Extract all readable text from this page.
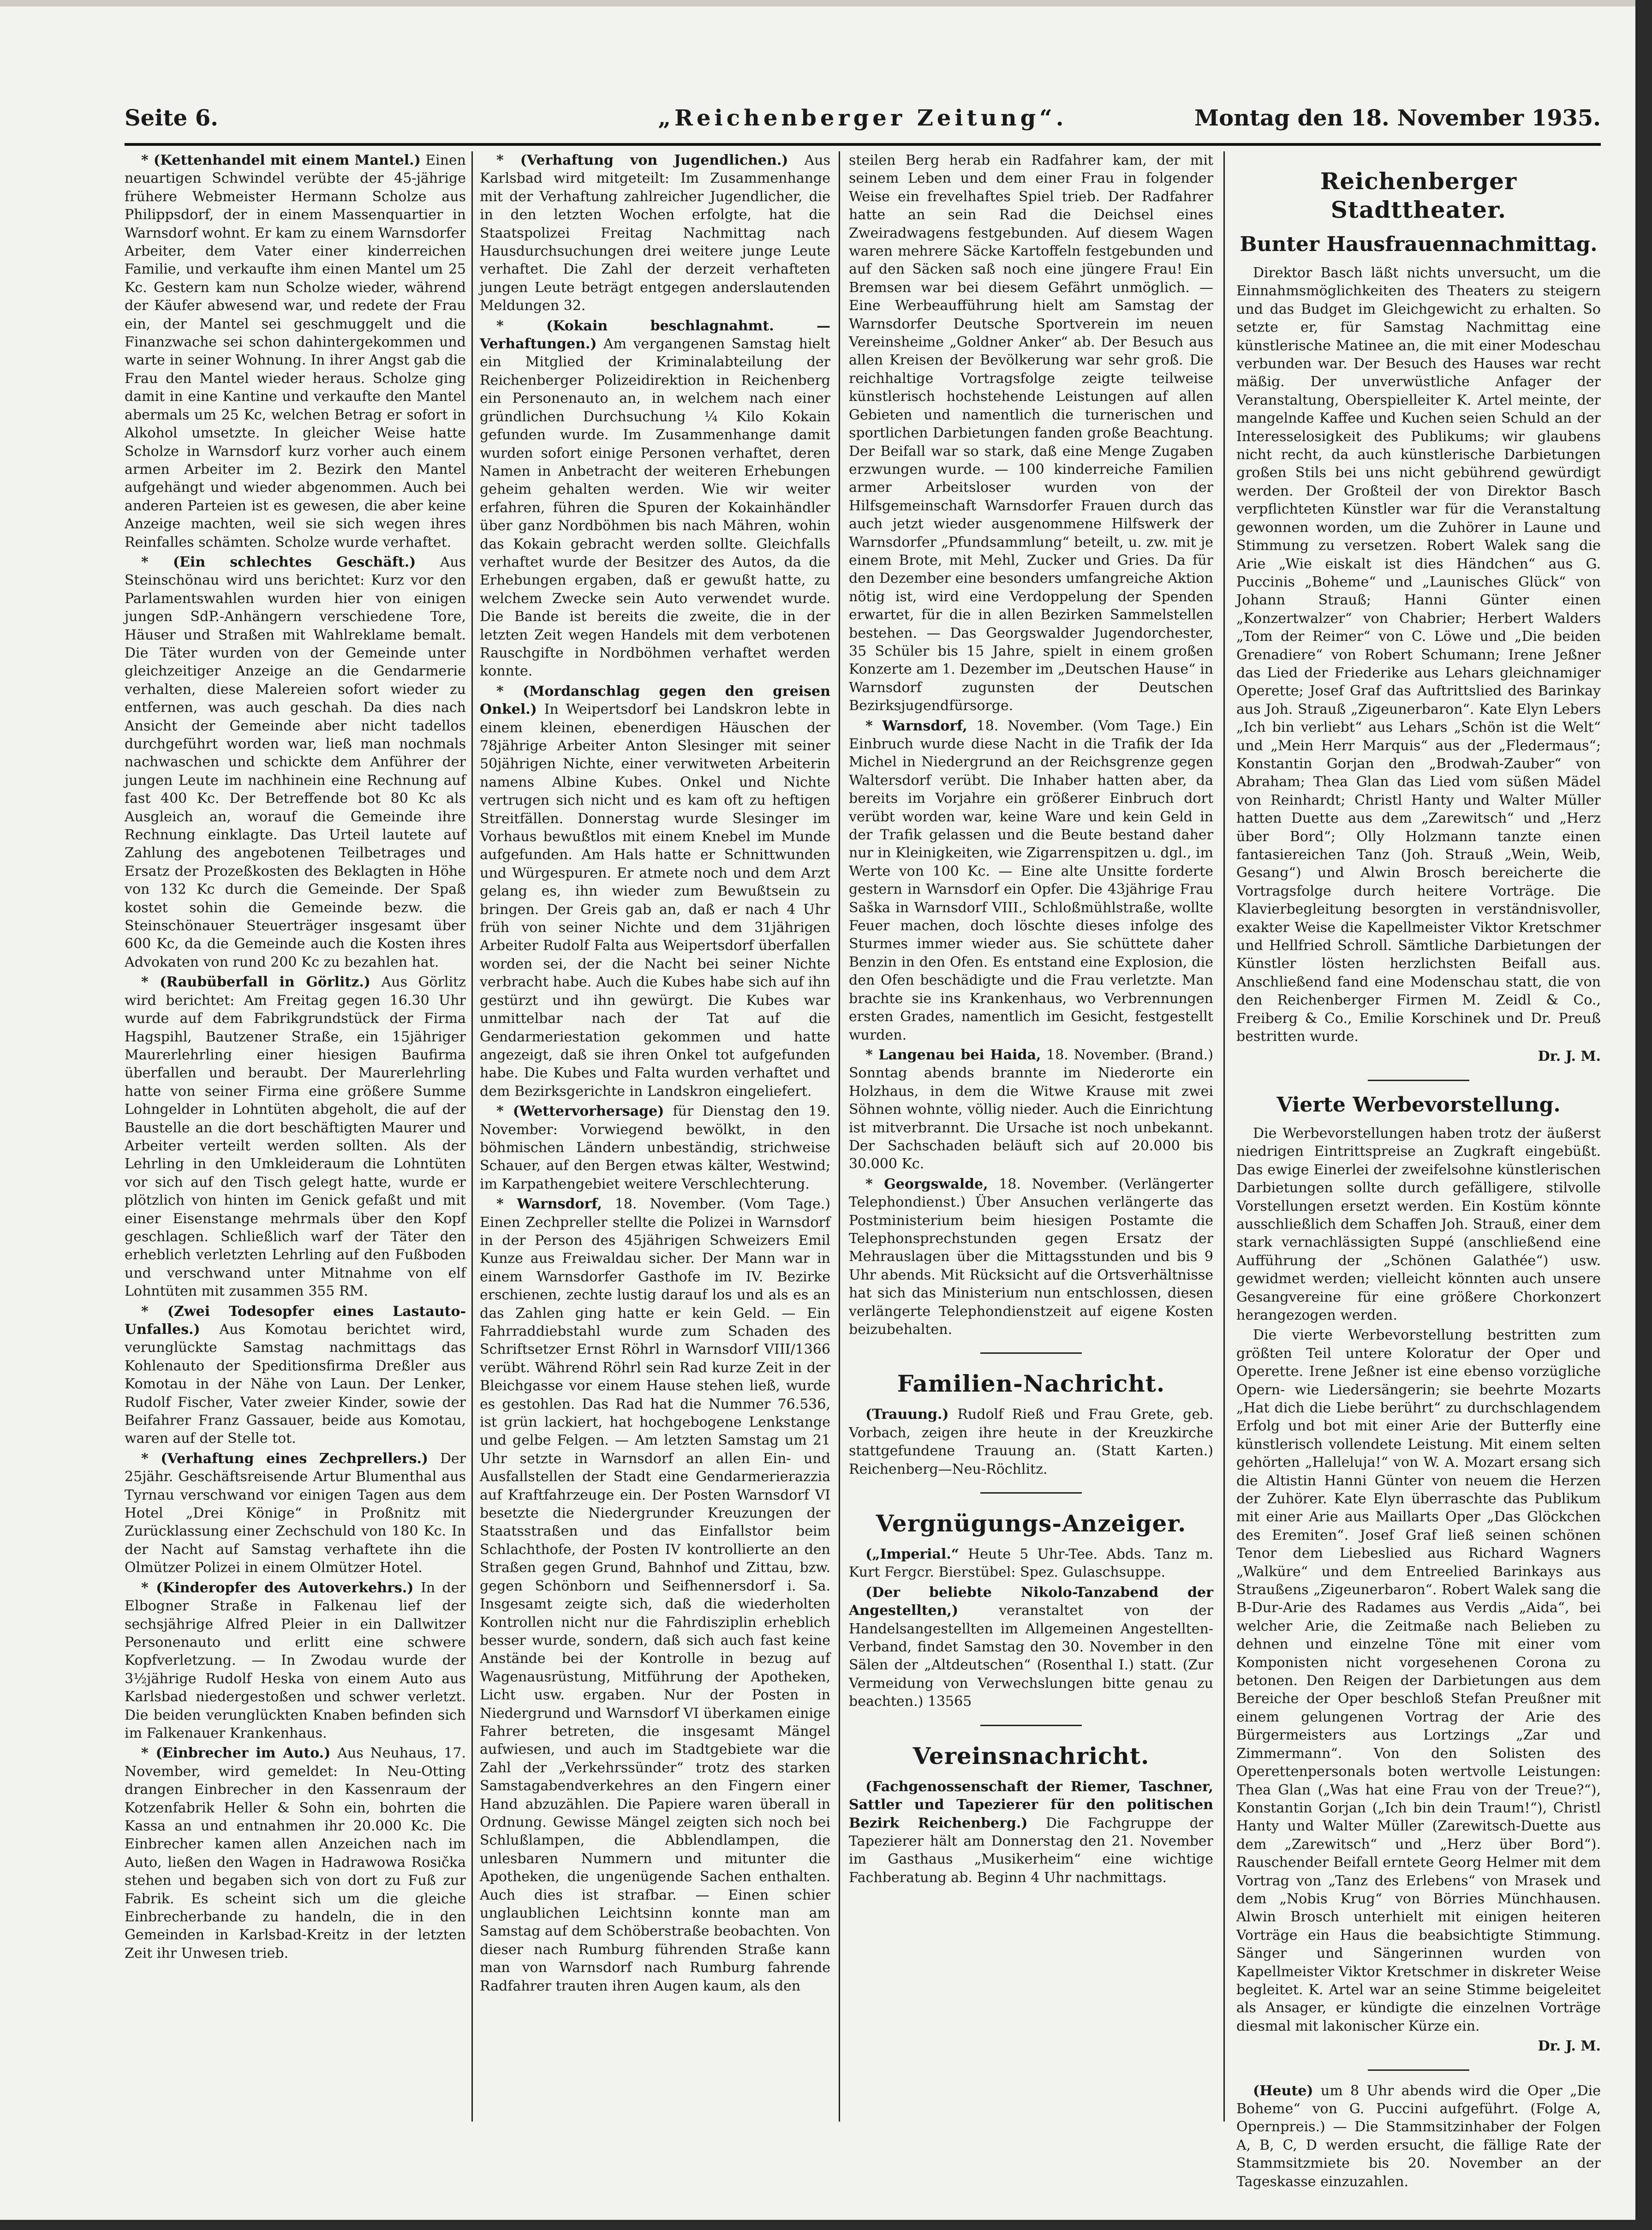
Seite 6.	„Reichenberger Zeitung“.	Montag den 18. November 1935.

* (Kettenhandel mit einem Mantel.) Einen neuartigen Schwindel verübte der 45-jährige frühere Webmeister Hermann Scholze aus Philippsdorf, der in einem Massenquartier in Warnsdorf wohnt. Er kam zu einem Warnsdorfer Arbeiter, dem Vater einer kinderreichen Familie, und verkaufte ihm einen Mantel um 25 Kc. Gestern kam nun Scholze wieder, während der Käufer abwesend war, und redete der Frau ein, der Mantel sei geschmuggelt und die Finanzwache sei schon dahintergekommen und warte in seiner Wohnung. In ihrer Angst gab die Frau den Mantel wieder heraus. Scholze ging damit in eine Kantine und verkaufte den Mantel abermals um 25 Kc, welchen Betrag er sofort in Alkohol umsetzte. In gleicher Weise hatte Scholze in Warnsdorf kurz vorher auch einem armen Arbeiter im 2. Bezirk den Mantel aufgehängt und wieder abgenommen. Auch bei anderen Parteien ist es gewesen, die aber keine Anzeige machten, weil sie sich wegen ihres Reinfalles schämten. Scholze wurde verhaftet.

* (Ein schlechtes Geschäft.) Aus Steinschönau wird uns berichtet: Kurz vor den Parlamentswahlen wurden hier von einigen jungen SdP.-Anhängern verschiedene Tore, Häuser und Straßen mit Wahlreklame bemalt. Die Täter wurden von der Gemeinde unter gleichzeitiger Anzeige an die Gendarmerie verhalten, diese Malereien sofort wieder zu entfernen, was auch geschah. Da dies nach Ansicht der Gemeinde aber nicht tadellos durchgeführt worden war, ließ man nochmals nachwaschen und schickte dem Anführer der jungen Leute im nachhinein eine Rechnung auf fast 400 Kc. Der Betreffende bot 80 Kc als Ausgleich an, worauf die Gemeinde ihre Rechnung einklagte. Das Urteil lautete auf Zahlung des angebotenen Teilbetrages und Ersatz der Prozeßkosten des Beklagten in Höhe von 132 Kc durch die Gemeinde. Der Spaß kostet sohin die Gemeinde bezw. die Steinschönauer Steuerträger insgesamt über 600 Kc, da die Gemeinde auch die Kosten ihres Advokaten von rund 200 Kc zu bezahlen hat.

* (Raubüberfall in Görlitz.) Aus Görlitz wird berichtet: Am Freitag gegen 16.30 Uhr wurde auf dem Fabrikgrundstück der Firma Hagspihl, Bautzener Straße, ein 15jähriger Maurerlehrling einer hiesigen Baufirma überfallen und beraubt. Der Maurerlehrling hatte von seiner Firma eine größere Summe Lohngelder in Lohntüten abgeholt, die auf der Baustelle an die dort beschäftigten Maurer und Arbeiter verteilt werden sollten. Als der Lehrling in den Umkleideraum die Lohntüten vor sich auf den Tisch gelegt hatte, wurde er plötzlich von hinten im Genick gefaßt und mit einer Eisenstange mehrmals über den Kopf geschlagen. Schließlich warf der Täter den erheblich verletzten Lehrling auf den Fußboden und verschwand unter Mitnahme von elf Lohntüten mit zusammen 355 RM.

* (Zwei Todesopfer eines Lastauto-Unfalles.) Aus Komotau berichtet wird, verunglückte Samstag nachmittags das Kohlenauto der Speditionsfirma Dreßler aus Komotau in der Nähe von Laun. Der Lenker, Rudolf Fischer, Vater zweier Kinder, sowie der Beifahrer Franz Gassauer, beide aus Komotau, waren auf der Stelle tot.

* (Verhaftung eines Zechprellers.) Der 25jähr. Geschäftsreisende Artur Blumenthal aus Tyrnau verschwand vor einigen Tagen aus dem Hotel „Drei Könige“ in Proßnitz mit Zurücklassung einer Zechschuld von 180 Kc. In der Nacht auf Samstag verhaftete ihn die Olmützer Polizei in einem Olmützer Hotel.

* (Kinderopfer des Autoverkehrs.) In der Elbogner Straße in Falkenau lief der sechsjährige Alfred Pleier in ein Dallwitzer Personenauto und erlitt eine schwere Kopfverletzung. — In Zwodau wurde der 3½jährige Rudolf Heska von einem Auto aus Karlsbad niedergestoßen und schwer verletzt. Die beiden verunglückten Knaben befinden sich im Falkenauer Krankenhaus.

* (Einbrecher im Auto.) Aus Neuhaus, 17. November, wird gemeldet: In Neu-Otting drangen Einbrecher in den Kassenraum der Kotzenfabrik Heller & Sohn ein, bohrten die Kassa an und entnahmen ihr 20.000 Kc. Die Einbrecher kamen allen Anzeichen nach im Auto, ließen den Wagen in Hadrawowa Rosička stehen und begaben sich von dort zu Fuß zur Fabrik. Es scheint sich um die gleiche Einbrecherbande zu handeln, die in den Gemeinden in Karlsbad-Kreitz in der letzten Zeit ihr Unwesen trieb.

* (Verhaftung von Jugendlichen.) Aus Karlsbad wird mitgeteilt: Im Zusammenhange mit der Verhaftung zahlreicher Jugendlicher, die in den letzten Wochen erfolgte, hat die Staatspolizei Freitag Nachmittag nach Hausdurchsuchungen drei weitere junge Leute verhaftet. Die Zahl der derzeit verhafteten jungen Leute beträgt entgegen anderslautenden Meldungen 32.

* (Kokain beschlagnahmt. — Verhaftungen.) Am vergangenen Samstag hielt ein Mitglied der Kriminalabteilung der Reichenberger Polizeidirektion in Reichenberg ein Personenauto an, in welchem nach einer gründlichen Durchsuchung ¼ Kilo Kokain gefunden wurde. Im Zusammenhange damit wurden sofort einige Personen verhaftet, deren Namen in Anbetracht der weiteren Erhebungen geheim gehalten werden. Wie wir weiter erfahren, führen die Spuren der Kokainhändler über ganz Nordböhmen bis nach Mähren, wohin das Kokain gebracht werden sollte. Gleichfalls verhaftet wurde der Besitzer des Autos, da die Erhebungen ergaben, daß er gewußt hatte, zu welchem Zwecke sein Auto verwendet wurde. Die Bande ist bereits die zweite, die in der letzten Zeit wegen Handels mit dem verbotenen Rauschgifte in Nordböhmen verhaftet werden konnte.

* (Mordanschlag gegen den greisen Onkel.) In Weipertsdorf bei Landskron lebte in einem kleinen, ebenerdigen Häuschen der 78jährige Arbeiter Anton Slesinger mit seiner 50jährigen Nichte, einer verwitweten Arbeiterin namens Albine Kubes. Onkel und Nichte vertrugen sich nicht und es kam oft zu heftigen Streitfällen. Donnerstag wurde Slesinger im Vorhaus bewußtlos mit einem Knebel im Munde aufgefunden. Am Hals hatte er Schnittwunden und Würgespuren. Er atmete noch und dem Arzt gelang es, ihn wieder zum Bewußtsein zu bringen. Der Greis gab an, daß er nach 4 Uhr früh von seiner Nichte und dem 31jährigen Arbeiter Rudolf Falta aus Weipertsdorf überfallen worden sei, der die Nacht bei seiner Nichte verbracht habe. Auch die Kubes habe sich auf ihn gestürzt und ihn gewürgt. Die Kubes war unmittelbar nach der Tat auf die Gendarmeriestation gekommen und hatte angezeigt, daß sie ihren Onkel tot aufgefunden habe. Die Kubes und Falta wurden verhaftet und dem Bezirksgerichte in Landskron eingeliefert.

* (Wettervorhersage) für Dienstag den 19. November: Vorwiegend bewölkt, in den böhmischen Ländern unbeständig, strichweise Schauer, auf den Bergen etwas kälter, Westwind; im Karpathengebiet weitere Verschlechterung.

* Warnsdorf, 18. November. (Vom Tage.) Einen Zechpreller stellte die Polizei in Warnsdorf in der Person des 45jährigen Schweizers Emil Kunze aus Freiwaldau sicher. Der Mann war in einem Warnsdorfer Gasthofe im IV. Bezirke erschienen, zechte lustig darauf los und als es an das Zahlen ging hatte er kein Geld. — Ein Fahrraddiebstahl wurde zum Schaden des Schriftsetzer Ernst Röhrl in Warnsdorf VIII/1366 verübt. Während Röhrl sein Rad kurze Zeit in der Bleichgasse vor einem Hause stehen ließ, wurde es gestohlen. Das Rad hat die Nummer 76.536, ist grün lackiert, hat hochgebogene Lenkstange und gelbe Felgen. — Am letzten Samstag um 21 Uhr setzte in Warnsdorf an allen Ein- und Ausfallstellen der Stadt eine Gendarmerierazzia auf Kraftfahrzeuge ein. Der Posten Warnsdorf VI besetzte die Niedergrunder Kreuzungen der Staatsstraßen und das Einfallstor beim Schlachthofe, der Posten IV kontrollierte an den Straßen gegen Grund, Bahnhof und Zittau, bzw. gegen Schönborn und Seifhennersdorf i. Sa. Insgesamt zeigte sich, daß die wiederholten Kontrollen nicht nur die Fahrdisziplin erheblich besser wurde, sondern, daß sich auch fast keine Anstände bei der Kontrolle in bezug auf Wagenausrüstung, Mitführung der Apotheken, Licht usw. ergaben. Nur der Posten in Niedergrund und Warnsdorf VI überkamen einige Fahrer betreten, die insgesamt Mängel aufwiesen, und auch im Stadtgebiete war die Zahl der „Verkehrssünder“ trotz des starken Samstagabendverkehres an den Fingern einer Hand abzuzählen. Die Papiere waren überall in Ordnung. Gewisse Mängel zeigten sich noch bei Schlußlampen, die Abblendlampen, die unlesbaren Nummern und mitunter die Apotheken, die ungenügende Sachen enthalten. Auch dies ist strafbar. — Einen schier unglaublichen Leichtsinn konnte man am Samstag auf dem Schöberstraße beobachten. Von dieser nach Rumburg führenden Straße kann man von Warnsdorf nach Rumburg fahrende Radfahrer trauten ihren Augen kaum, als den

steilen Berg herab ein Radfahrer kam, der mit seinem Leben und dem einer Frau in folgender Weise ein frevelhaftes Spiel trieb. Der Radfahrer hatte an sein Rad die Deichsel eines Zweiradwagens festgebunden. Auf diesem Wagen waren mehrere Säcke Kartoffeln festgebunden und auf den Säcken saß noch eine jüngere Frau! Ein Bremsen war bei diesem Gefährt unmöglich. — Eine Werbeaufführung hielt am Samstag der Warnsdorfer Deutsche Sportverein im neuen Vereinsheime „Goldner Anker“ ab. Der Besuch aus allen Kreisen der Bevölkerung war sehr groß. Die reichhaltige Vortragsfolge zeigte teilweise künstlerisch hochstehende Leistungen auf allen Gebieten und namentlich die turnerischen und sportlichen Darbietungen fanden große Beachtung. Der Beifall war so stark, daß eine Menge Zugaben erzwungen wurde. — 100 kinderreiche Familien armer Arbeitsloser wurden von der Hilfsgemeinschaft Warnsdorfer Frauen durch das auch jetzt wieder ausgenommene Hilfswerk der Warnsdorfer „Pfundsammlung“ beteilt, u. zw. mit je einem Brote, mit Mehl, Zucker und Gries. Da für den Dezember eine besonders umfangreiche Aktion nötig ist, wird eine Verdoppelung der Spenden erwartet, für die in allen Bezirken Sammelstellen bestehen. — Das Georgswalder Jugendorchester, 35 Schüler bis 15 Jahre, spielt in einem großen Konzerte am 1. Dezember im „Deutschen Hause“ in Warnsdorf zugunsten der Deutschen Bezirksjugendfürsorge.

* Warnsdorf, 18. November. (Vom Tage.) Ein Einbruch wurde diese Nacht in die Trafik der Ida Michel in Niedergrund an der Reichsgrenze gegen Waltersdorf verübt. Die Inhaber hatten aber, da bereits im Vorjahre ein größerer Einbruch dort verübt worden war, keine Ware und kein Geld in der Trafik gelassen und die Beute bestand daher nur in Kleinigkeiten, wie Zigarrenspitzen u. dgl., im Werte von 100 Kc. — Eine alte Unsitte forderte gestern in Warnsdorf ein Opfer. Die 43jährige Frau Saška in Warnsdorf VIII., Schloßmühlstraße, wollte Feuer machen, doch löschte dieses infolge des Sturmes immer wieder aus. Sie schüttete daher Benzin in den Ofen. Es entstand eine Explosion, die den Ofen beschädigte und die Frau verletzte. Man brachte sie ins Krankenhaus, wo Verbrennungen ersten Grades, namentlich im Gesicht, festgestellt wurden.

* Langenau bei Haida, 18. November. (Brand.) Sonntag abends brannte im Niederorte ein Holzhaus, in dem die Witwe Krause mit zwei Söhnen wohnte, völlig nieder. Auch die Einrichtung ist mitverbrannt. Die Ursache ist noch unbekannt. Der Sachschaden beläuft sich auf 20.000 bis 30.000 Kc.

* Georgswalde, 18. November. (Verlängerter Telephondienst.) Über Ansuchen verlängerte das Postministerium beim hiesigen Postamte die Telephonsprechstunden gegen Ersatz der Mehrauslagen über die Mittagsstunden und bis 9 Uhr abends. Mit Rücksicht auf die Ortsverhältnisse hat sich das Ministerium nun entschlossen, diesen verlängerte Telephondienstzeit auf eigene Kosten beizubehalten.

Familien-Nachricht.

(Trauung.) Rudolf Rieß und Frau Grete, geb. Vorbach, zeigen ihre heute in der Kreuzkirche stattgefundene Trauung an. (Statt Karten.) Reichenberg—Neu-Röchlitz.

Vergnügungs-Anzeiger.

(„Imperial.“ Heute 5 Uhr-Tee. Abds. Tanz m. Kurt Fergcr. Bierstübel: Spez. Gulaschsuppe.

(Der beliebte Nikolo-Tanzabend der Angestellten,)	veranstaltet von der Handelsangestellten im Allgemeinen Angestellten-Verband, findet Samstag den 30. November in den Sälen der „Altdeutschen“ (Rosenthal I.) statt. (Zur Vermeidung von Verwechslungen bitte genau zu beachten.) 13565

Vereinsnachricht.

(Fachgenossenschaft der Riemer, Taschner, Sattler und Tapezierer für den politischen Bezirk Reichenberg.) Die Fachgruppe der Tapezierer hält am Donnerstag den 21. November im Gasthaus „Musikerheim“ eine wichtige Fachberatung ab. Beginn 4 Uhr nachmittags.

Reichenberger Stadttheater.
Bunter Hausfrauennachmittag.

Direktor Basch läßt nichts unversucht, um die Einnahmsmöglichkeiten des Theaters zu steigern und das Budget im Gleichgewicht zu erhalten. So setzte er, für Samstag Nachmittag eine künstlerische Matinee an, die mit einer Modeschau verbunden war. Der Besuch des Hauses war recht mäßig. Der unverwüstliche Anfager der Veranstaltung, Oberspielleiter K. Artel meinte, der mangelnde Kaffee und Kuchen seien Schuld an der Interesselosigkeit des Publikums; wir glaubens nicht recht, da auch künstlerische Darbietungen großen Stils bei uns nicht gebührend gewürdigt werden. Der Großteil der von Direktor Basch verpflichteten Künstler war für die Veranstaltung gewonnen worden, um die Zuhörer in Laune und Stimmung zu versetzen. Robert Walek sang die Arie „Wie eiskalt ist dies Händchen“ aus G. Puccinis „Boheme“ und „Launisches Glück“ von Johann Strauß; Hanni Günter einen „Konzertwalzer“ von Chabrier; Herbert Walders „Tom der Reimer“ von C. Löwe und „Die beiden Grenadiere“ von Robert Schumann; Irene Jeßner das Lied der Friederike aus Lehars gleichnamiger Operette; Josef Graf das Auftrittslied des Barinkay aus Joh. Strauß „Zigeunerbaron“. Kate Elyn Lebers „Ich bin verliebt“ aus Lehars „Schön ist die Welt“ und „Mein Herr Marquis“ aus der „Fledermaus“; Konstantin Gorjan den „Brodwah-Zauber“ von Abraham; Thea Glan das Lied vom süßen Mädel von Reinhardt; Christl Hanty und Walter Müller hatten Duette aus dem „Zarewitsch“ und „Herz über Bord“; Olly Holzmann tanzte einen fantasiereichen Tanz (Joh. Strauß „Wein, Weib, Gesang“) und Alwin Brosch bereicherte die Vortragsfolge durch heitere Vorträge. Die Klavierbegleitung besorgten in verständnisvoller, exakter Weise die Kapellmeister Viktor Kretschmer und Hellfried Schroll. Sämtliche Darbietungen der Künstler lösten herzlichsten Beifall aus. Anschließend fand eine Modenschau statt, die von den Reichenberger Firmen M. Zeidl & Co., Freiberg & Co., Emilie Korschinek und Dr. Preuß bestritten wurde.

Dr. J. M.
Vierte Werbevorstellung.

Die Werbevorstellungen haben trotz der äußerst niedrigen Eintrittspreise an Zugkraft eingebüßt. Das ewige Einerlei der zweifelsohne künstlerischen Darbietungen sollte durch gefälligere, stilvolle Vorstellungen ersetzt werden. Ein Kostüm könnte ausschließlich dem Schaffen Joh. Strauß, einer dem stark vernachlässigten Suppé (anschließend eine Aufführung der „Schönen Galathée“) usw. gewidmet werden; vielleicht könnten auch unsere Gesangvereine für eine größere Chorkonzert herangezogen werden.

Die vierte Werbevorstellung bestritten zum größten Teil untere Koloratur der Oper und Operette. Irene Jeßner ist eine ebenso vorzügliche Opern- wie Liedersängerin; sie beehrte Mozarts „Hat dich die Liebe berührt“ zu durchschlagendem Erfolg und bot mit einer Arie der Butterfly eine künstlerisch vollendete Leistung. Mit einem selten gehörten „Halleluja!“ von W. A. Mozart ersang sich die Altistin Hanni Günter von neuem die Herzen der Zuhörer. Kate Elyn überraschte das Publikum mit einer Arie aus Maillarts Oper „Das Glöckchen des Eremiten“. Josef Graf ließ seinen schönen Tenor dem Liebeslied aus Richard Wagners „Walküre“ und dem Entreelied Barinkays aus Straußens „Zigeunerbaron“. Robert Walek sang die B-Dur-Arie des Radames aus Verdis „Aida“, bei welcher Arie, die Zeitmaße nach Belieben zu dehnen und einzelne Töne mit einer vom Komponisten nicht vorgesehenen Corona zu betonen. Den Reigen der Darbietungen aus dem Bereiche der Oper beschloß Stefan Preußner mit einem gelungenen Vortrag der Arie des Bürgermeisters aus Lortzings „Zar und Zimmermann“. Von den Solisten des Operettenpersonals boten wertvolle Leistungen: Thea Glan („Was hat eine Frau von der Treue?“), Konstantin Gorjan („Ich bin dein Traum!“), Christl Hanty und Walter Müller (Zarewitsch-Duette aus dem „Zarewitsch“ und „Herz über Bord“). Rauschender Beifall erntete Georg Helmer mit dem Vortrag von „Tanz des Erlebens“ von Mrasek und dem „Nobis Krug“ von Börries Münchhausen. Alwin Brosch unterhielt mit einigen heiteren Vorträge ein Haus die beabsichtigte Stimmung. Sänger und Sängerinnen wurden von Kapellmeister Viktor Kretschmer in diskreter Weise begleitet. K. Artel war an seine Stimme beigeleitet als Ansager, er kündigte die einzelnen Vorträge diesmal mit lakonischer Kürze ein.

Dr. J. M.

(Heute) um 8 Uhr abends wird die Oper „Die Boheme“ von G. Puccini aufgeführt. (Folge A, Opernpreis.) — Die Stammsitzinhaber der Folgen A, B, C, D werden ersucht, die fällige Rate der Stammsitzmiete bis 20. November an der Tageskasse einzuzahlen.
